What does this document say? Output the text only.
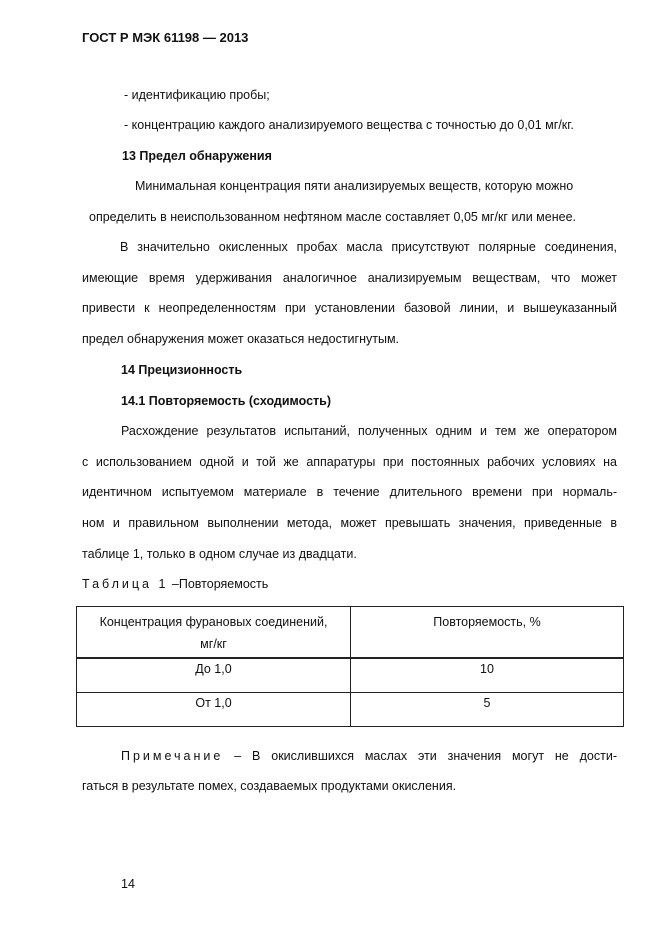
ГОСТ Р МЭК 61198 — 2013
- идентификацию пробы;
- концентрацию каждого анализируемого вещества с точностью до 0,01 мг/кг.
13 Предел обнаружения
Минимальная концентрация пяти анализируемых веществ, которую можно
определить в неиспользованном нефтяном масле составляет 0,05 мг/кг или менее.
В значительно окисленных пробах масла присутствуют полярные соединения,
имеющие время удерживания аналогичное анализируемым веществам, что может
привести к неопределенностям при установлении базовой линии, и вышеуказанный
предел обнаружения может оказаться недостигнутым.
14 Прецизионность
14.1 Повторяемость (сходимость)
Расхождение результатов испытаний, полученных одним и тем же оператором
с использованием одной и той же аппаратуры при постоянных рабочих условиях на
идентичном испытуемом материале в течение длительного времени при нормаль-
ном и правильном выполнении метода, может превышать значения, приведенные в
таблице 1, только в одном случае из двадцати.
Таблица 1 –Повторяемость
Концентрация фурановых соединений,
мг/кг	Повторяемость, %
До 1,0	10
От 1,0	5
Примечание – В окислившихся маслах эти значения могут не дости-
гаться в результате помех, создаваемых продуктами окисления.
14
